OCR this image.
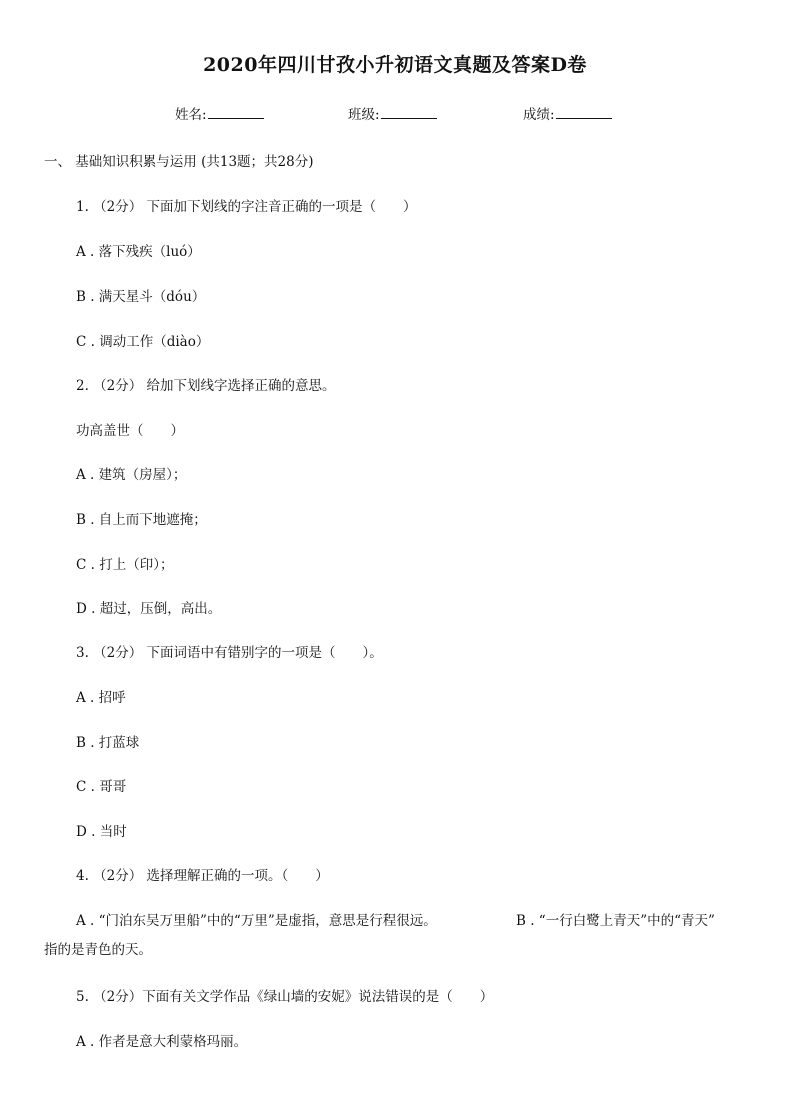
2020年四川甘孜小升初语文真题及答案D卷
姓名:	班级:	成绩:
一、 基础知识积累与运用 (共13题；共28分)
1. （2分） 下面加下划线的字注音正确的一项是（　　）
A . 落下残疾（luó）
B . 满天星斗（dóu）
C . 调动工作（diào）
2. （2分） 给加下划线字选择正确的意思。
功高盖世（　　）
A . 建筑（房屋）；
B . 自上而下地遮掩；
C . 打上（印）；
D . 超过，压倒，高出。
3. （2分） 下面词语中有错别字的一项是（　　）。
A . 招呼
B . 打蓝球
C . 哥哥
D . 当时
4. （2分） 选择理解正确的一项。（　　）
A . “门泊东吴万里船”中的“万里”是虚指，意思是行程很远。	B . “一行白鹭上青天”中的“青天”
指的是青色的天。
5. （2分）下面有关文学作品《绿山墙的安妮》说法错误的是（　　）
A . 作者是意大利蒙格玛丽。
